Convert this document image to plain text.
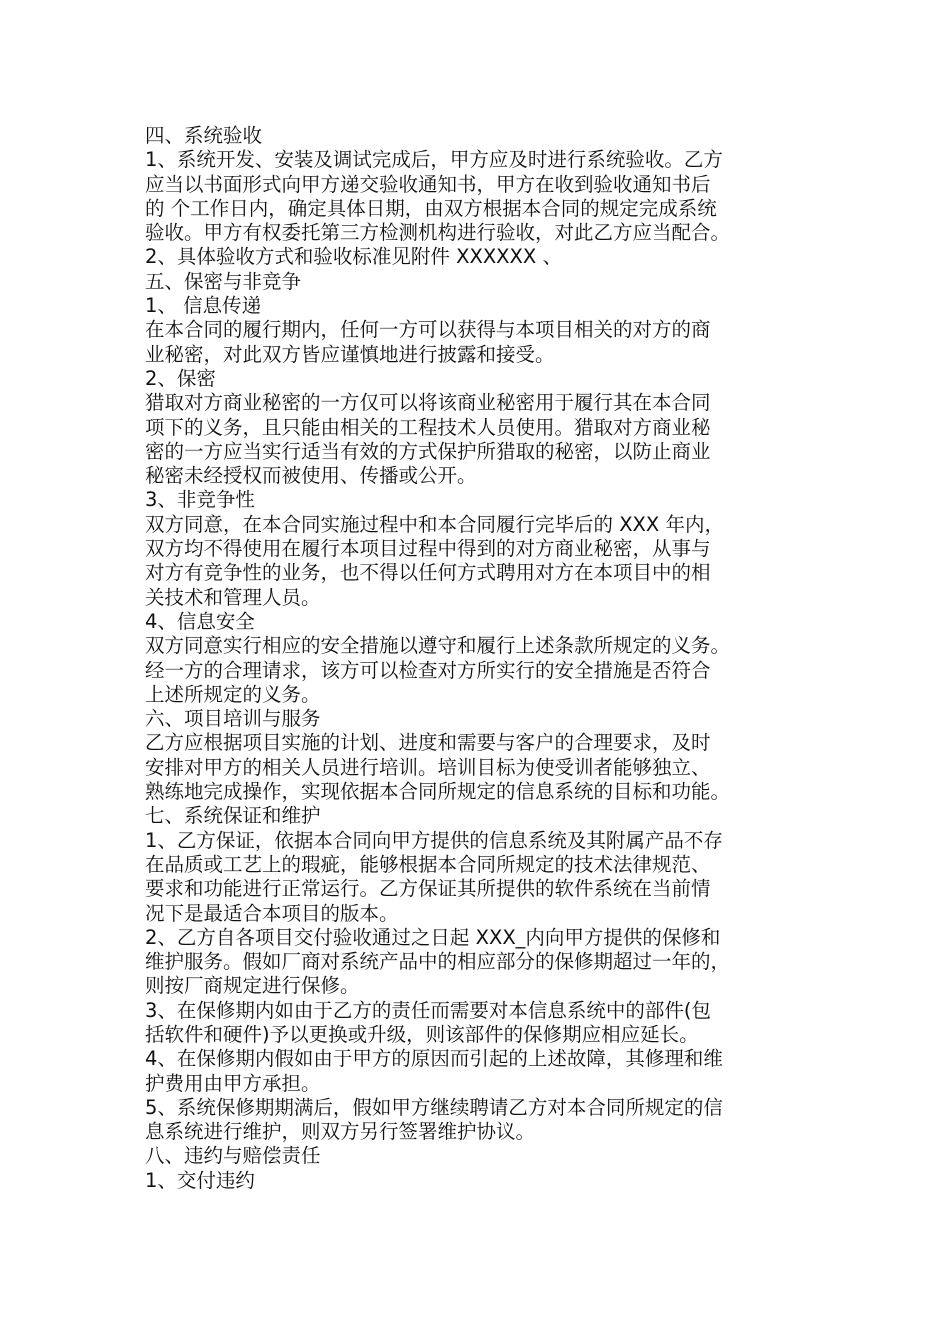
四、系统验收
1、系统开发、安装及调试完成后，甲方应及时进行系统验收。乙方
应当以书面形式向甲方递交验收通知书，甲方在收到验收通知书后
的 个工作日内，确定具体日期，由双方根据本合同的规定完成系统
验收。甲方有权委托第三方检测机构进行验收，对此乙方应当配合。
2、具体验收方式和验收标准见附件 XXXXXX 、
五、保密与非竞争
1、 信息传递
在本合同的履行期内，任何一方可以获得与本项目相关的对方的商
业秘密，对此双方皆应谨慎地进行披露和接受。
2、保密
猎取对方商业秘密的一方仅可以将该商业秘密用于履行其在本合同
项下的义务，且只能由相关的工程技术人员使用。猎取对方商业秘
密的一方应当实行适当有效的方式保护所猎取的秘密，以防止商业
秘密未经授权而被使用、传播或公开。
3、非竞争性
双方同意，在本合同实施过程中和本合同履行完毕后的 XXX 年内，
双方均不得使用在履行本项目过程中得到的对方商业秘密，从事与
对方有竞争性的业务，也不得以任何方式聘用对方在本项目中的相
关技术和管理人员。
4、信息安全
双方同意实行相应的安全措施以遵守和履行上述条款所规定的义务。
经一方的合理请求，该方可以检查对方所实行的安全措施是否符合
上述所规定的义务。
六、项目培训与服务
乙方应根据项目实施的计划、进度和需要与客户的合理要求，及时
安排对甲方的相关人员进行培训。培训目标为使受训者能够独立、
熟练地完成操作，实现依据本合同所规定的信息系统的目标和功能。
七、系统保证和维护
1、乙方保证，依据本合同向甲方提供的信息系统及其附属产品不存
在品质或工艺上的瑕疵，能够根据本合同所规定的技术法律规范、
要求和功能进行正常运行。乙方保证其所提供的软件系统在当前情
况下是最适合本项目的版本。
2、乙方自各项目交付验收通过之日起 XXX_内向甲方提供的保修和
维护服务。假如厂商对系统产品中的相应部分的保修期超过一年的，
则按厂商规定进行保修。
3、在保修期内如由于乙方的责任而需要对本信息系统中的部件(包
括软件和硬件)予以更换或升级，则该部件的保修期应相应延长。
4、在保修期内假如由于甲方的原因而引起的上述故障，其修理和维
护费用由甲方承担。
5、系统保修期期满后，假如甲方继续聘请乙方对本合同所规定的信
息系统进行维护，则双方另行签署维护协议。
八、违约与赔偿责任
1、交付违约
